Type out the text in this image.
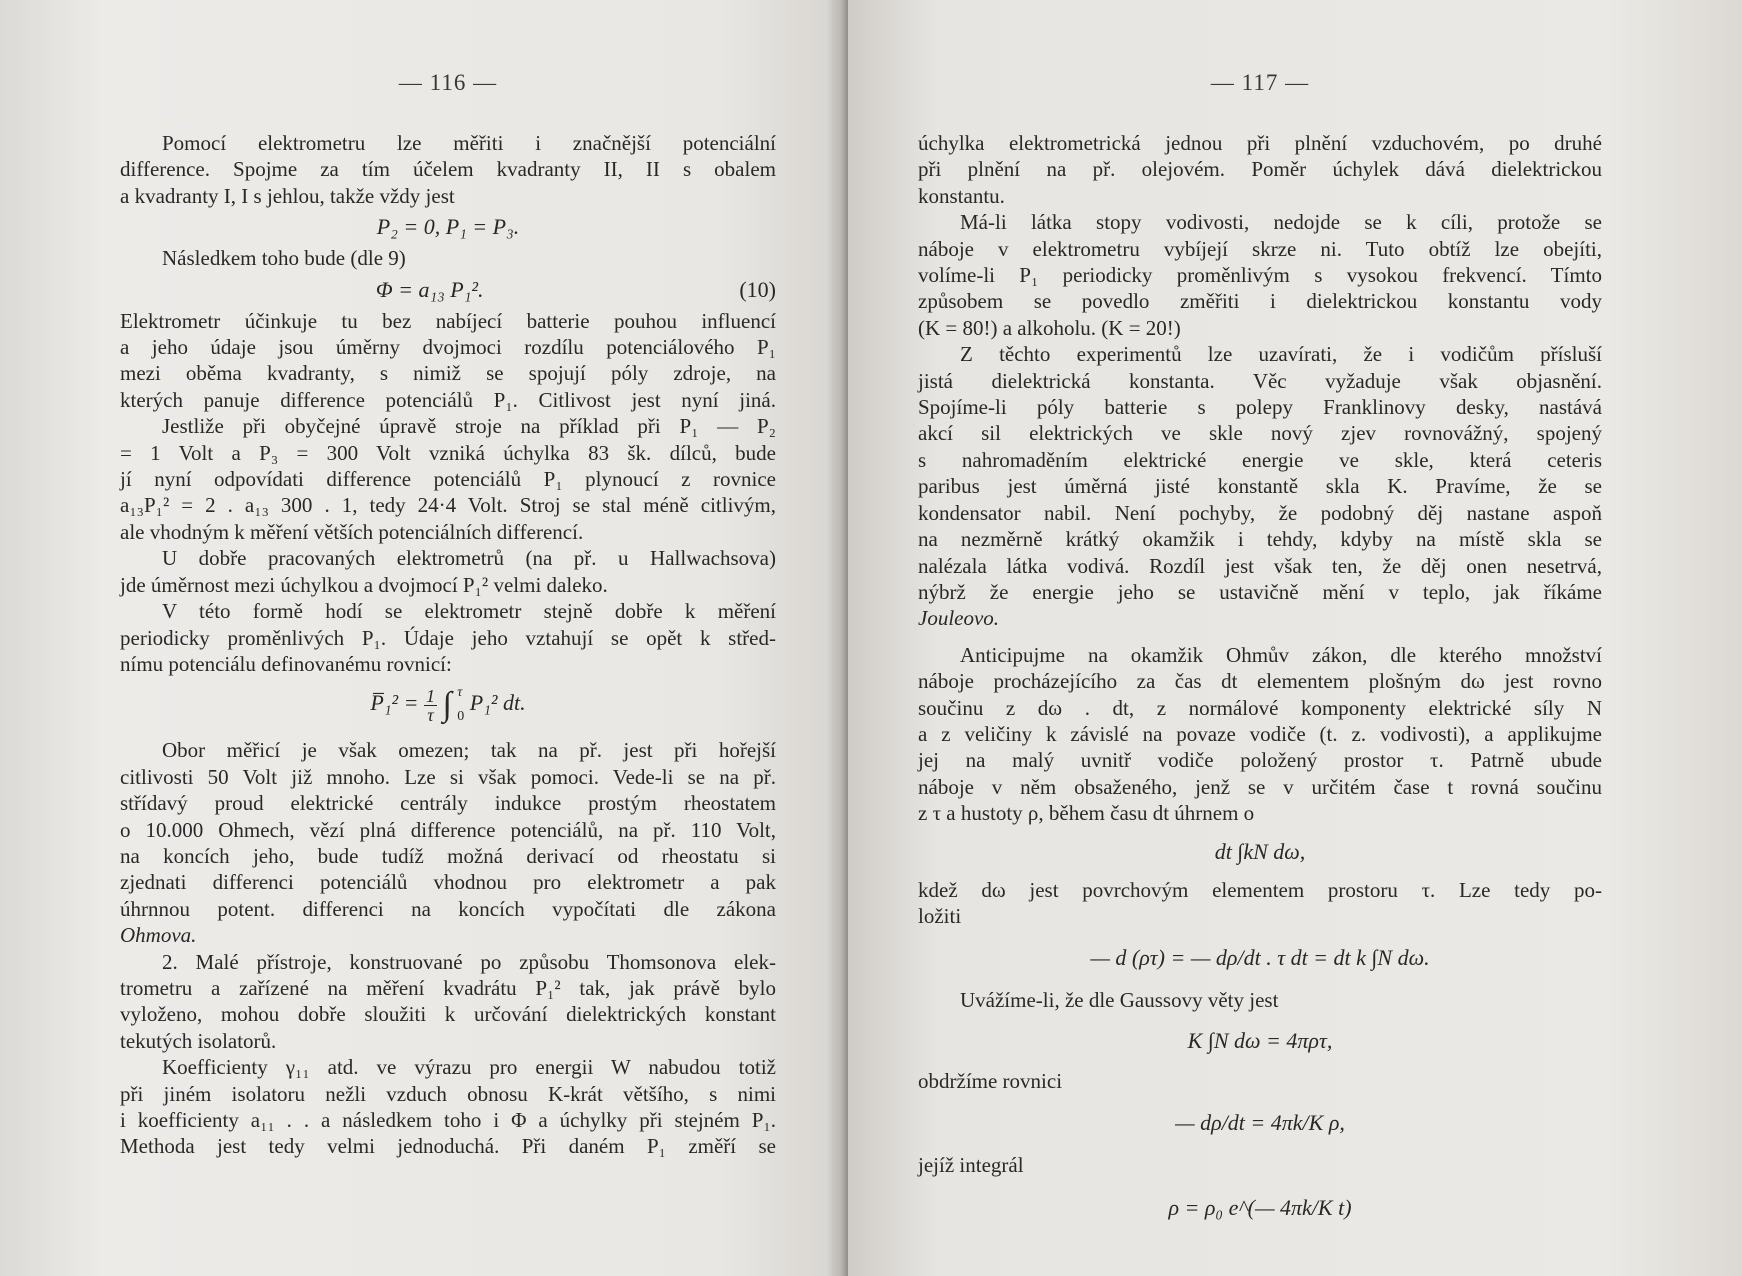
— 116 —

Pomocí elektrometru lze měřiti i značnější potenciální

difference. Spojme za tím účelem kvadranty II, II s obalem

a kvadranty I, I s jehlou, takže vždy jest

P₂ = 0, P₁ = P₃.

Následkem toho bude (dle 9)

(10)
Φ = a₁₃ P₁².

Elektrometr účinkuje tu bez nabíjecí batterie pouhou influencí

a jeho údaje jsou úměrny dvojmoci rozdílu potenciálového P₁

mezi oběma kvadranty, s nimiž se spojují póly zdroje, na

kterých panuje difference potenciálů P₁. Citlivost jest nyní jiná.

Jestliže při obyčejné úpravě stroje na příklad při P₁ — P₂

= 1 Volt a P₃ = 300 Volt vzniká úchylka 83 šk. dílců, bude

jí nyní odpovídati difference potenciálů P₁ plynoucí z rovnice

a₁₃P₁² = 2 . a₁₃ 300 . 1, tedy 24·4 Volt. Stroj se stal méně citlivým,

ale vhodným k měření větších potenciálních differencí.

U dobře pracovaných elektrometrů (na př. u Hallwachsova)

jde úměrnost mezi úchylkou a dvojmocí P₁² velmi daleko.

V této formě hodí se elektrometr stejně dobře k měření

periodicky proměnlivých P₁. Údaje jeho vztahují se opět k střed-

nímu potenciálu definovanému rovnicí:

P̅₁² = $\frac{1}{\tau}$ ∫ τ
0
P₁² dt.

Obor měřicí je však omezen; tak na př. jest při hořejší

citlivosti 50 Volt již mnoho. Lze si však pomoci. Vede-li se na př.

střídavý proud elektrické centrály indukce prostým rheostatem

o 10.000 Ohmech, vězí plná difference potenciálů, na př. 110 Volt,

na koncích jeho, bude tudíž možná derivací od rheostatu si

zjednati differenci potenciálů vhodnou pro elektrometr a pak

úhrnnou potent. differenci na koncích vypočítati dle zákona

Ohmova.

2. Malé přístroje, konstruované po způsobu Thomsonova elek-

trometru a zařízené na měření kvadrátu P₁² tak, jak právě bylo

vyloženo, mohou dobře sloužiti k určování dielektrických konstant

tekutých isolatorů.

Koefficienty γ₁₁ atd. ve výrazu pro energii W nabudou totiž

při jiném isolatoru nežli vzduch obnosu K-krát většího, s nimi

i koefficienty a₁₁ . . a následkem toho i Φ a úchylky při stejném P₁.

Methoda jest tedy velmi jednoduchá. Při daném P₁ změří se

— 117 —

úchylka elektrometrická jednou při plnění vzduchovém, po druhé

při plnění na př. olejovém. Poměr úchylek dává dielektrickou

konstantu.

Má-li látka stopy vodivosti, nedojde se k cíli, protože se

náboje v elektrometru vybíjejí skrze ni. Tuto obtíž lze obejíti,

volíme-li P₁ periodicky proměnlivým s vysokou frekvencí. Tímto

způsobem se povedlo změřiti i dielektrickou konstantu vody

(K = 80!) a alkoholu. (K = 20!)

Z těchto experimentů lze uzavírati, že i vodičům přísluší

jistá dielektrická konstanta. Věc vyžaduje však objasnění.

Spojíme-li póly batterie s polepy Franklinovy desky, nastává

akcí sil elektrických ve skle nový zjev rovnovážný, spojený

s nahromaděním elektrické energie ve skle, která ceteris

paribus jest úměrná jisté konstantě skla K. Pravíme, že se

kondensator nabil. Není pochyby, že podobný děj nastane aspoň

na nezměrně krátký okamžik i tehdy, kdyby na místě skla se

nalézala látka vodivá. Rozdíl jest však ten, že děj onen nesetrvá,

nýbrž že energie jeho se ustavičně mění v teplo, jak říkáme

Jouleovo.

Anticipujme na okamžik Ohmův zákon, dle kterého množství

náboje procházejícího za čas dt elementem plošným dω jest rovno

součinu z dω . dt, z normálové komponenty elektrické síly N

a z veličiny k závislé na povaze vodiče (t. z. vodivosti), a applikujme

jej na malý uvnitř vodiče položený prostor τ. Patrně ubude

náboje v něm obsaženého, jenž se v určitém čase t rovná součinu

z τ a hustoty ρ, během času dt úhrnem o

dt ∫kN dω,

kdež dω jest povrchovým elementem prostoru τ. Lze tedy po-

ložiti

— d (ρτ) = — dρ/dt . τ dt = dt k ∫N dω.

Uvážíme-li, že dle Gaussovy věty jest

K ∫N dω = 4πρτ,

obdržíme rovnici

— dρ/dt = 4πk/K ρ,

jejíž integrál

ρ = ρ₀ e^(— 4πk/K t)
